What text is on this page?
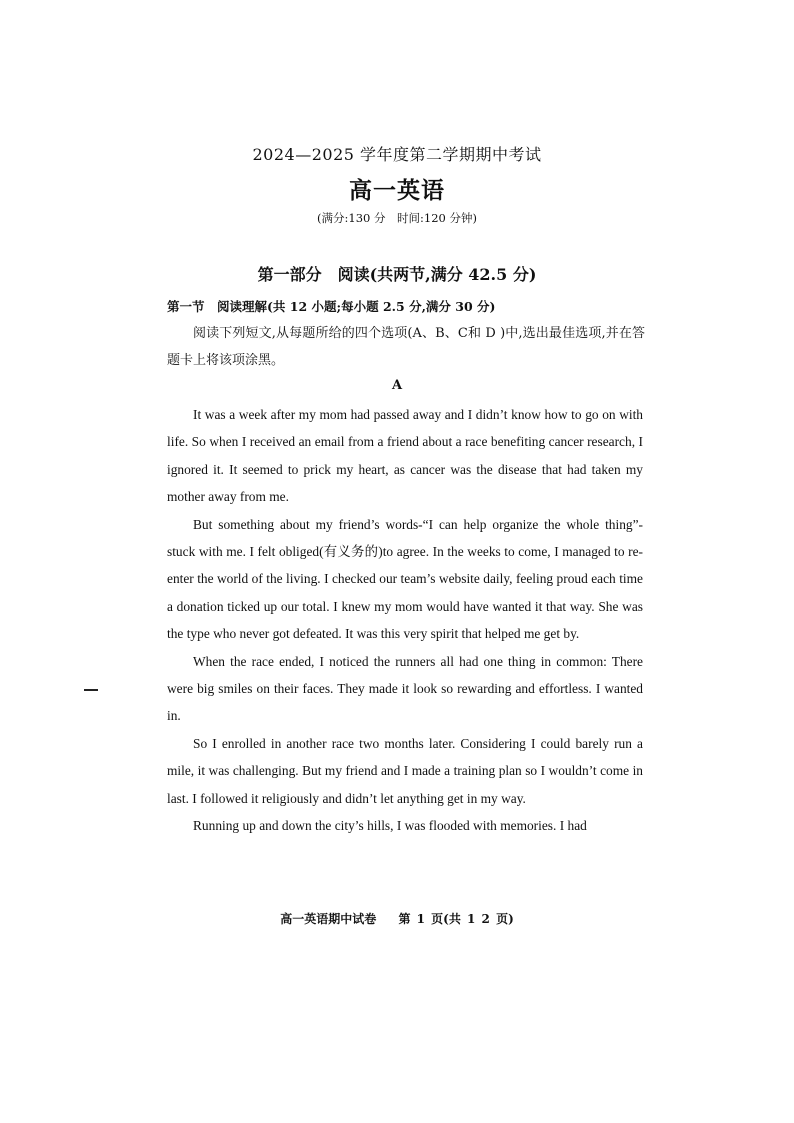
2024—2025 学年度第二学期期中考试
高一英语
(满分:130 分　时间:120 分钟)
第一部分　阅读(共两节,满分 42.5 分)
第一节　阅读理解(共 12 小题;每小题 2.5 分,满分 30 分)
阅读下列短文,从每题所给的四个选项(A、B、C和 D )中,选出最佳选项,并在答题卡上将该项涂黑。
A

It was a week after my mom had passed away and I didn’t know how to go on with life. So when I received an email from a friend about a race benefiting cancer research, I ignored it. It seemed to prick my heart, as cancer was the disease that had taken my mother away from me.

But something about my friend’s words-“I can help organize the whole thing”-stuck with me. I felt obliged(有义务的)to agree. In the weeks to come, I managed to re-enter the world of the living. I checked our team’s website daily, feeling proud each time a donation ticked up our total. I knew my mom would have wanted it that way. She was the type who never got defeated. It was this very spirit that helped me get by.

When the race ended, I noticed the runners all had one thing in common: There were big smiles on their faces. They made it look so rewarding and effortless. I wanted in.

So I enrolled in another race two months later. Considering I could barely run a mile, it was challenging. But my friend and I made a training plan so I wouldn’t come in last. I followed it religiously and didn’t let anything get in my way.

Running up and down the city’s hills, I was flooded with memories. I had

高一英语期中试卷 第 1 页(共 1 2 页)
